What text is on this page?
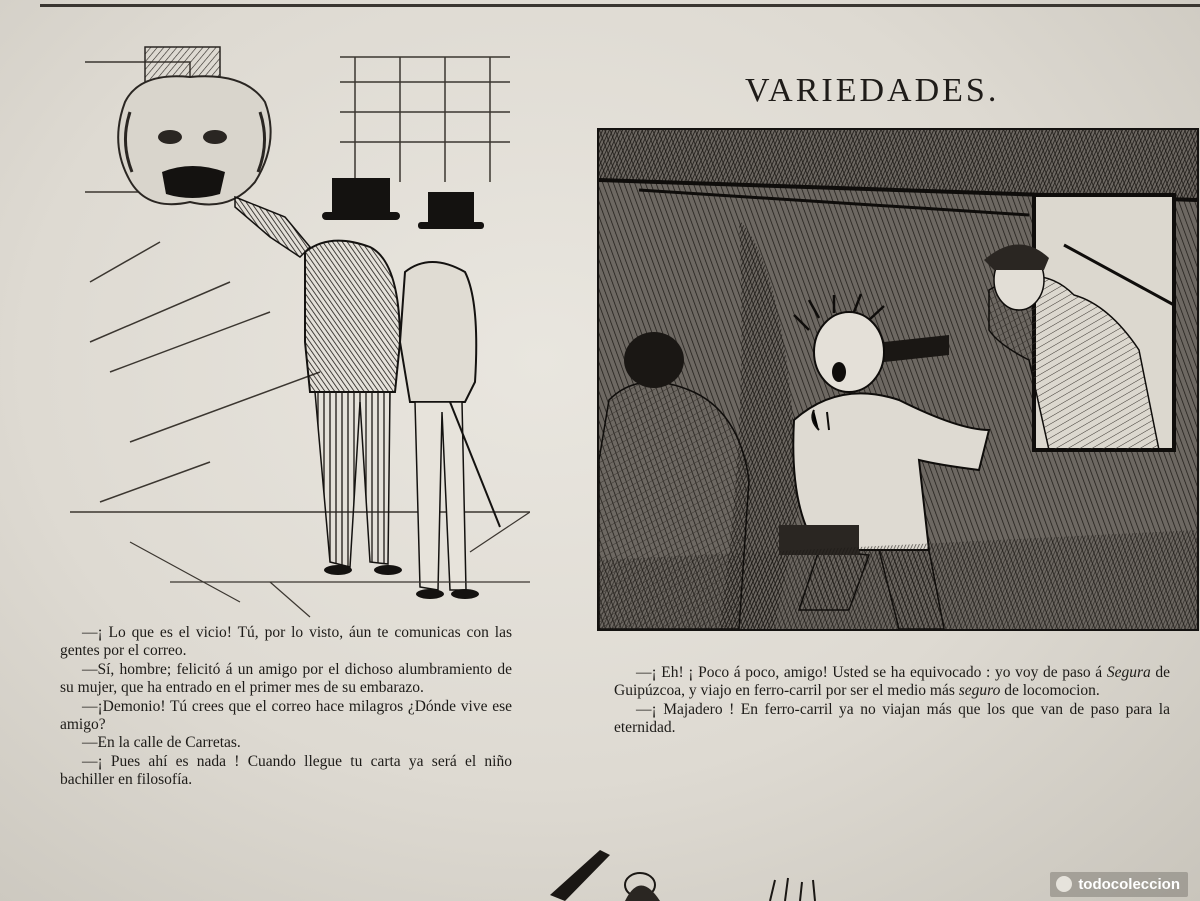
VARIEDADES.

—¡ Lo que es el vicio! Tú, por lo visto, áun te comunicas con las gentes por el correo.

—Sí, hombre; felicitó á un amigo por el dichoso alumbramiento de su mujer, que ha entrado en el primer mes de su embarazo.

—¡Demonio! Tú crees que el correo hace milagros ¿Dónde vive ese amigo?

—En la calle de Carretas.

—¡ Pues ahí es nada ! Cuando llegue tu carta ya será el niño bachiller en filosofía.

—¡ Eh! ¡ Poco á poco, amigo! Usted se ha equivocado : yo voy de paso á Segura de Guipúzcoa, y viajo en ferro-carril por ser el medio más seguro de locomocion.

—¡ Majadero ! En ferro-carril ya no viajan más que los que van de paso para la eternidad.

todocoleccion
